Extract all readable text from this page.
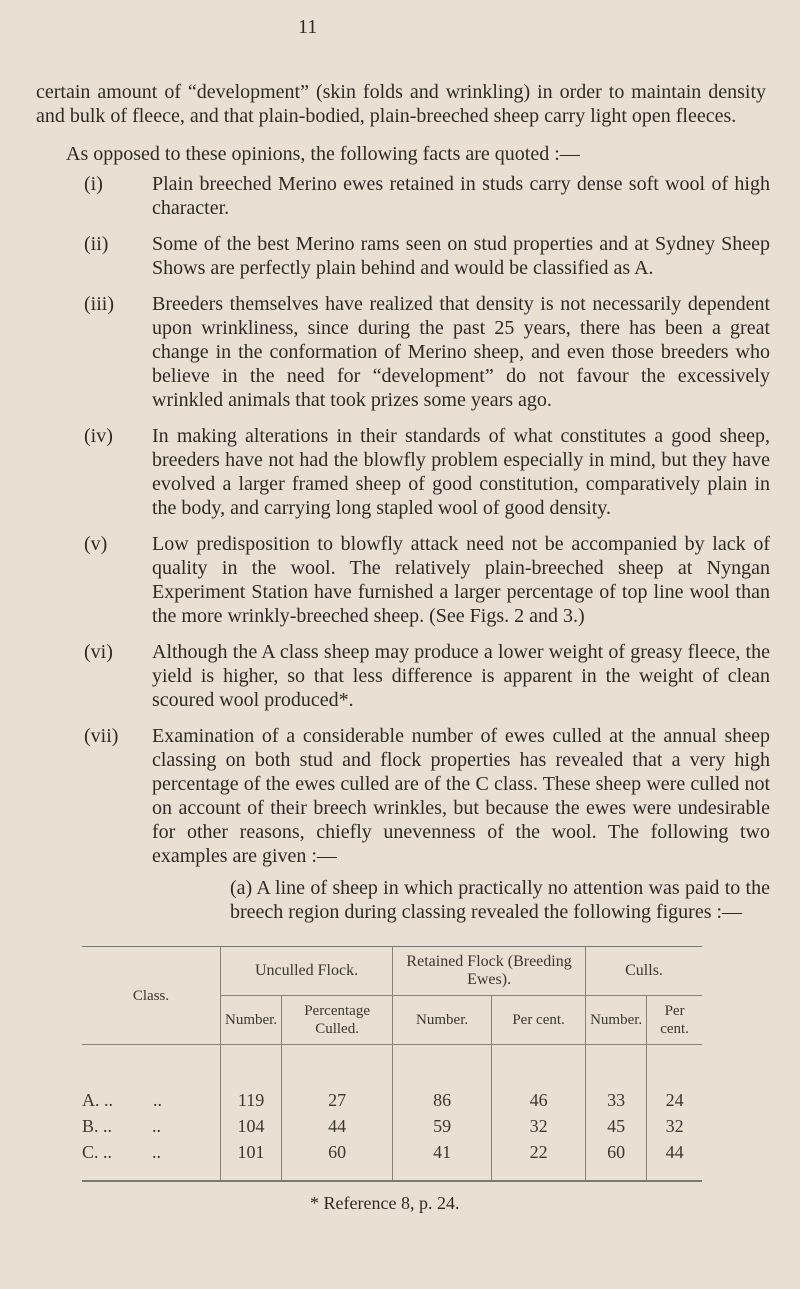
11
certain amount of “development” (skin folds and wrinkling) in order to maintain density and bulk of fleece, and that plain-bodied, plain-breeched sheep carry light open fleeces.
As opposed to these opinions, the following facts are quoted :—
(i)	Plain breeched Merino ewes retained in studs carry dense soft wool of high character.
(ii)	Some of the best Merino rams seen on stud properties and at Sydney Sheep Shows are perfectly plain behind and would be classified as A.
(iii)	Breeders themselves have realized that density is not necessarily dependent upon wrinkliness, since during the past 25 years, there has been a great change in the conformation of Merino sheep, and even those breeders who believe in the need for “development” do not favour the excessively wrinkled animals that took prizes some years ago.
(iv)	In making alterations in their standards of what constitutes a good sheep, breeders have not had the blowfly problem especially in mind, but they have evolved a larger framed sheep of good constitution, comparatively plain in the body, and carrying long stapled wool of good density.
(v)	Low predisposition to blowfly attack need not be accompanied by lack of quality in the wool. The relatively plain-breeched sheep at Nyngan Experiment Station have furnished a larger percentage of top line wool than the more wrinkly-breeched sheep. (See Figs. 2 and 3.)
(vi)	Although the A class sheep may produce a lower weight of greasy fleece, the yield is higher, so that less difference is apparent in the weight of clean scoured wool produced*.
(vii)	Examination of a considerable number of ewes culled at the annual sheep classing on both stud and flock properties has revealed that a very high percentage of the ewes culled are of the C class. These sheep were culled not on account of their breech wrinkles, but because the ewes were undesirable for other reasons, chiefly unevenness of the wool. The following two examples are given :—
(a) A line of sheep in which practically no attention was paid to the breech region during classing revealed the following figures :—
Class.	Unculled Flock.		Retained Flock (Breeding Ewes).		Culls.	
	Number.	Percentage Culled.	Number.	Per cent.	Number.	Per cent.

A. .. ..	119	27	86	46	33	24
B. .. ..	104	44	59	32	45	32
C. .. ..	101	60	41	22	60	44
* Reference 8, p. 24.
